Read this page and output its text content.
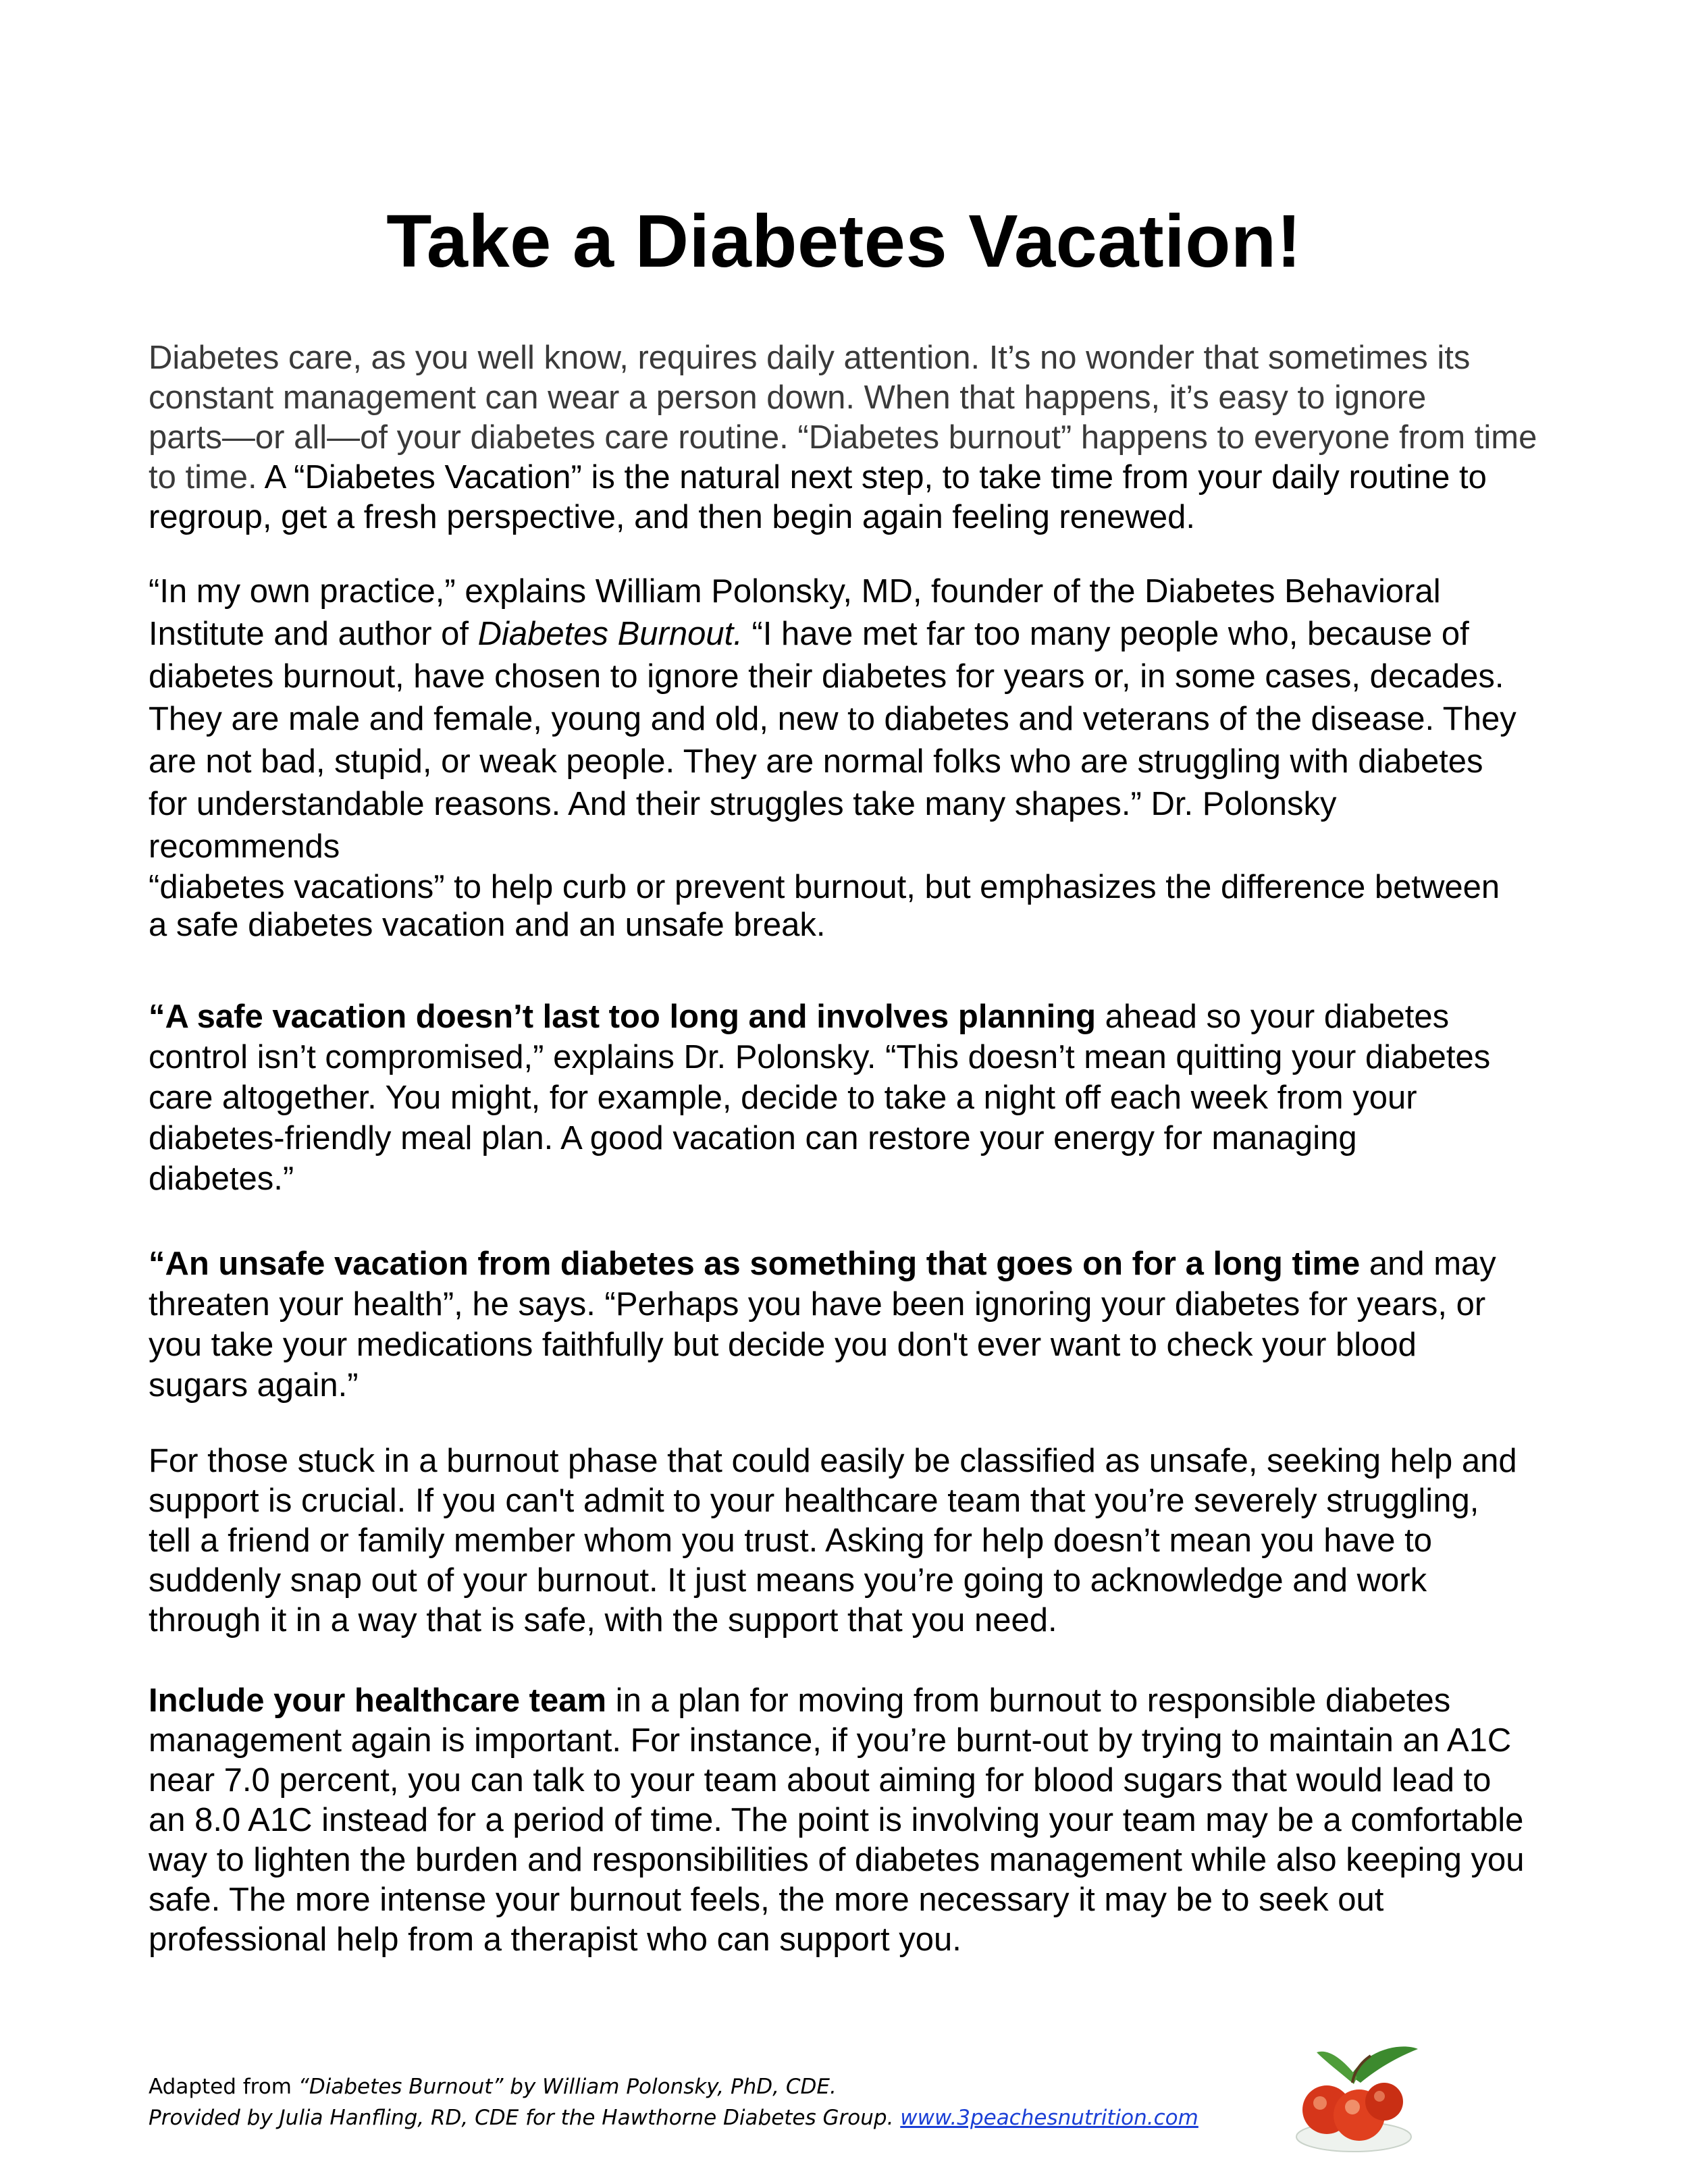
Take a Diabetes Vacation!
Diabetes care, as you well know, requires daily attention. It’s no wonder that sometimes its
constant management can wear a person down. When that happens, it’s easy to ignore
parts—or all—of your diabetes care routine. “Diabetes burnout” happens to everyone from time
to time. A “Diabetes Vacation” is the natural next step, to take time from your daily routine to
regroup, get a fresh perspective, and then begin again feeling renewed.
“In my own practice,” explains William Polonsky, MD, founder of the Diabetes Behavioral
Institute and author of Diabetes Burnout. “I have met far too many people who, because of
diabetes burnout, have chosen to ignore their diabetes for years or, in some cases, decades.
They are male and female, young and old, new to diabetes and veterans of the disease. They
are not bad, stupid, or weak people. They are normal folks who are struggling with diabetes
for understandable reasons. And their struggles take many shapes.” Dr. Polonsky
recommends
“diabetes vacations” to help curb or prevent burnout, but emphasizes the difference between
a safe diabetes vacation and an unsafe break.
“A safe vacation doesn’t last too long and involves planning ahead so your diabetes
control isn’t compromised,” explains Dr. Polonsky. “This doesn’t mean quitting your diabetes
care altogether. You might, for example, decide to take a night off each week from your
diabetes-friendly meal plan. A good vacation can restore your energy for managing
diabetes.”
“An unsafe vacation from diabetes as something that goes on for a long time and may
threaten your health”, he says. “Perhaps you have been ignoring your diabetes for years, or
you take your medications faithfully but decide you don't ever want to check your blood
sugars again.”
For those stuck in a burnout phase that could easily be classified as unsafe, seeking help and
support is crucial. If you can't admit to your healthcare team that you’re severely struggling,
tell a friend or family member whom you trust. Asking for help doesn’t mean you have to
suddenly snap out of your burnout. It just means you’re going to acknowledge and work
through it in a way that is safe, with the support that you need.
Include your healthcare team in a plan for moving from burnout to responsible diabetes
management again is important. For instance, if you’re burnt-out by trying to maintain an A1C
near 7.0 percent, you can talk to your team about aiming for blood sugars that would lead to
an 8.0 A1C instead for a period of time. The point is involving your team may be a comfortable
way to lighten the burden and responsibilities of diabetes management while also keeping you
safe. The more intense your burnout feels, the more necessary it may be to seek out
professional help from a therapist who can support you.
Adapted from “Diabetes Burnout” by William Polonsky, PhD, CDE.
Provided by Julia Hanfling, RD, CDE for the Hawthorne Diabetes Group. www.3peachesnutrition.com
